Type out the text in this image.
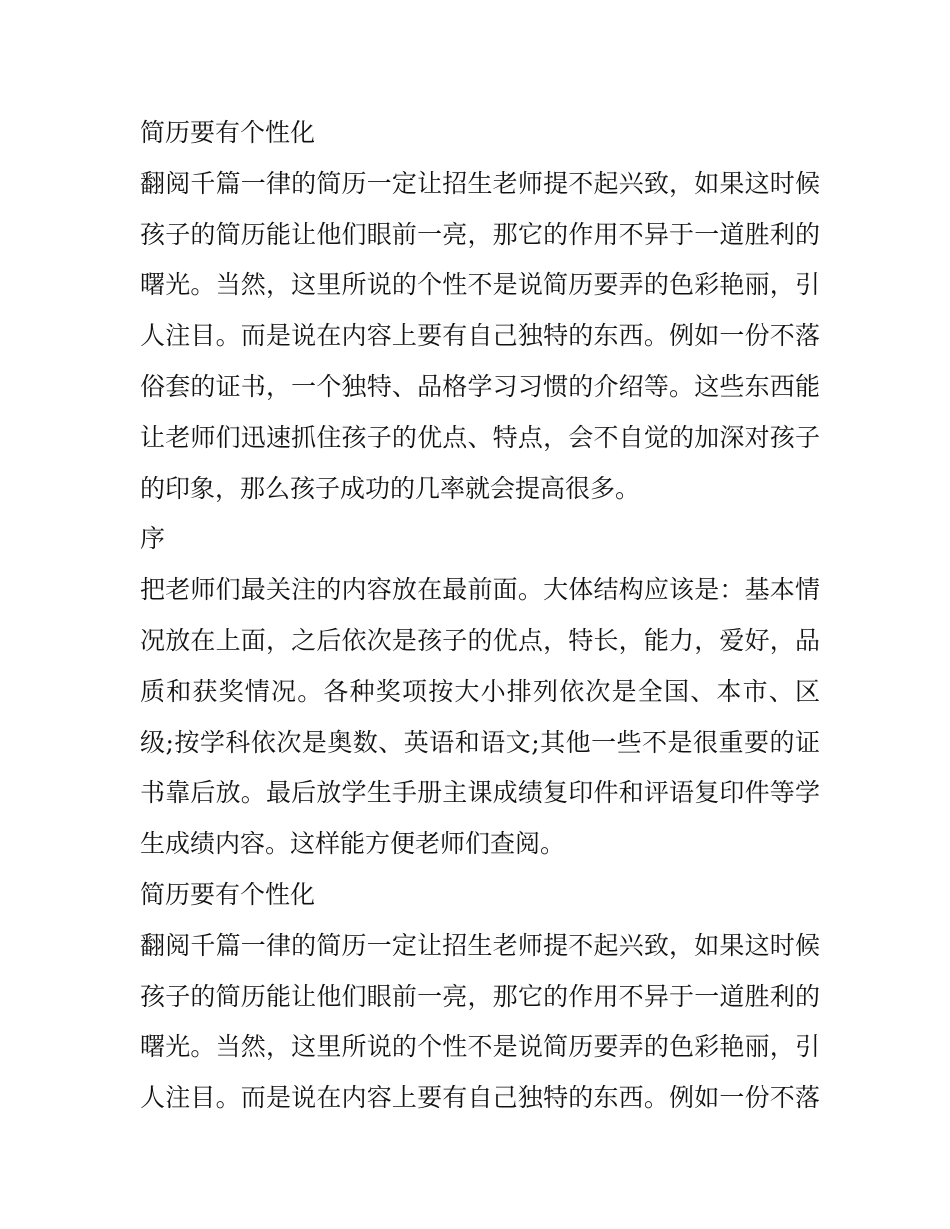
简历要有个性化
翻阅千篇一律的简历一定让招生老师提不起兴致，如果这时候
孩子的简历能让他们眼前一亮，那它的作用不异于一道胜利的
曙光。当然，这里所说的个性不是说简历要弄的色彩艳丽，引
人注目。而是说在内容上要有自己独特的东西。例如一份不落
俗套的证书，一个独特、品格学习习惯的介绍等。这些东西能
让老师们迅速抓住孩子的优点、特点，会不自觉的加深对孩子
的印象，那么孩子成功的几率就会提高很多。
序
把老师们最关注的内容放在最前面。大体结构应该是：基本情
况放在上面，之后依次是孩子的优点，特长，能力，爱好，品
质和获奖情况。各种奖项按大小排列依次是全国、本市、区
级;按学科依次是奥数、英语和语文;其他一些不是很重要的证
书靠后放。最后放学生手册主课成绩复印件和评语复印件等学
生成绩内容。这样能方便老师们查阅。
简历要有个性化
翻阅千篇一律的简历一定让招生老师提不起兴致，如果这时候
孩子的简历能让他们眼前一亮，那它的作用不异于一道胜利的
曙光。当然，这里所说的个性不是说简历要弄的色彩艳丽，引
人注目。而是说在内容上要有自己独特的东西。例如一份不落
